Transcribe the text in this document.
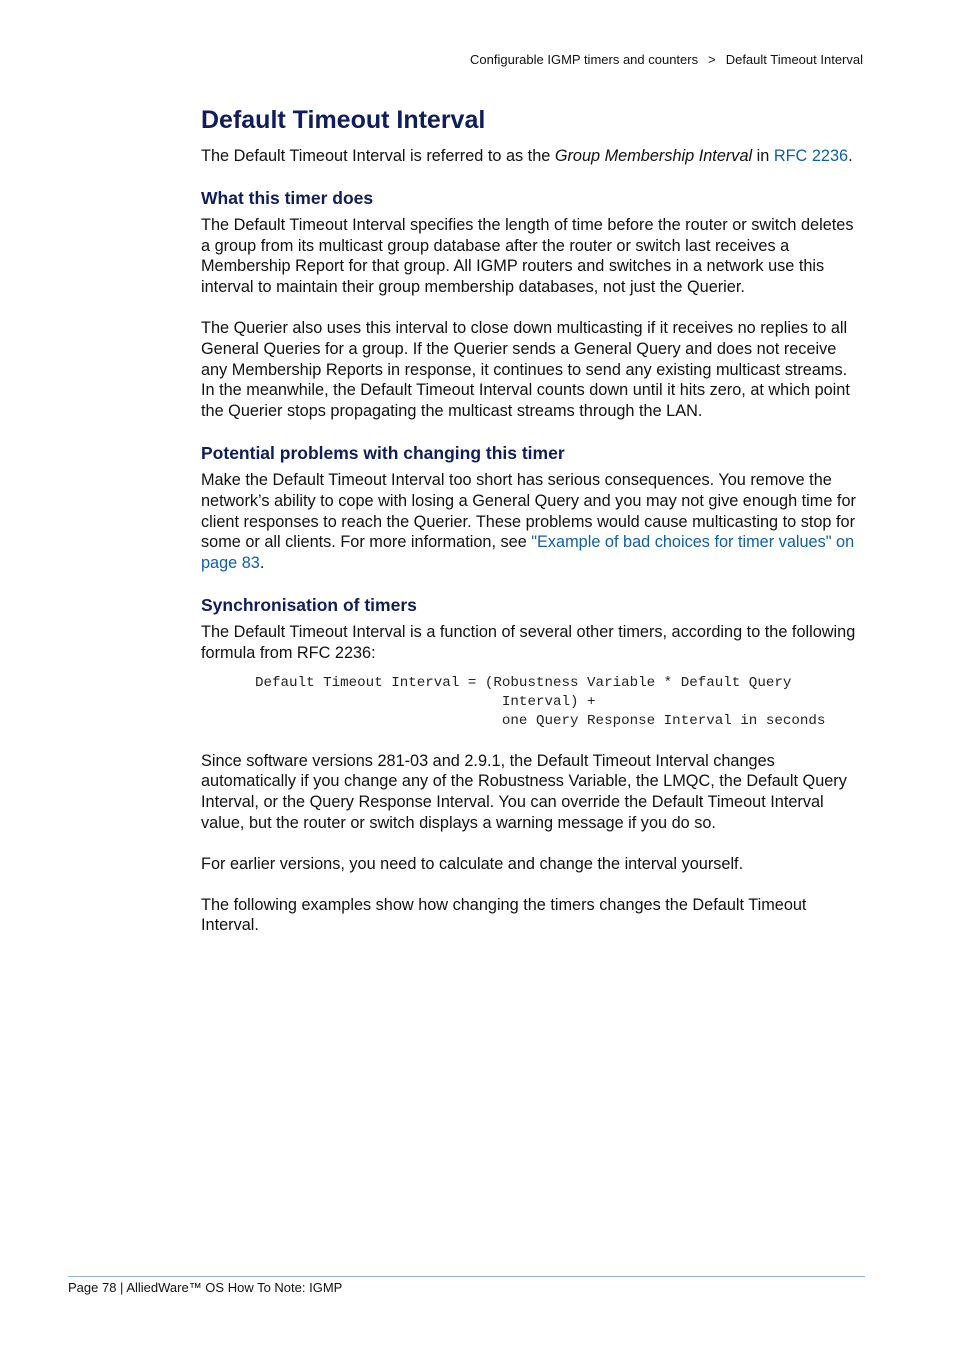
Configurable IGMP timers and counters > Default Timeout Interval
Default Timeout Interval

The Default Timeout Interval is referred to as the Group Membership Interval in RFC 2236.

What this timer does

The Default Timeout Interval specifies the length of time before the router or switch deletes a group from its multicast group database after the router or switch last receives a Membership Report for that group. All IGMP routers and switches in a network use this interval to maintain their group membership databases, not just the Querier.

The Querier also uses this interval to close down multicasting if it receives no replies to all General Queries for a group. If the Querier sends a General Query and does not receive any Membership Reports in response, it continues to send any existing multicast streams. In the meanwhile, the Default Timeout Interval counts down until it hits zero, at which point the Querier stops propagating the multicast streams through the LAN.

Potential problems with changing this timer

Make the Default Timeout Interval too short has serious consequences. You remove the network’s ability to cope with losing a General Query and you may not give enough time for client responses to reach the Querier. These problems would cause multicasting to stop for some or all clients. For more information, see "Example of bad choices for timer values" on page 83.

Synchronisation of timers

The Default Timeout Interval is a function of several other timers, according to the following formula from RFC 2236:

Default Timeout Interval = (Robustness Variable * Default Query
Interval) +
one Query Response Interval in seconds

Since software versions 281-03 and 2.9.1, the Default Timeout Interval changes automatically if you change any of the Robustness Variable, the LMQC, the Default Query Interval, or the Query Response Interval. You can override the Default Timeout Interval value, but the router or switch displays a warning message if you do so.

For earlier versions, you need to calculate and change the interval yourself.

The following examples show how changing the timers changes the Default Timeout Interval.

Page 78 | AlliedWare™ OS How To Note: IGMP
